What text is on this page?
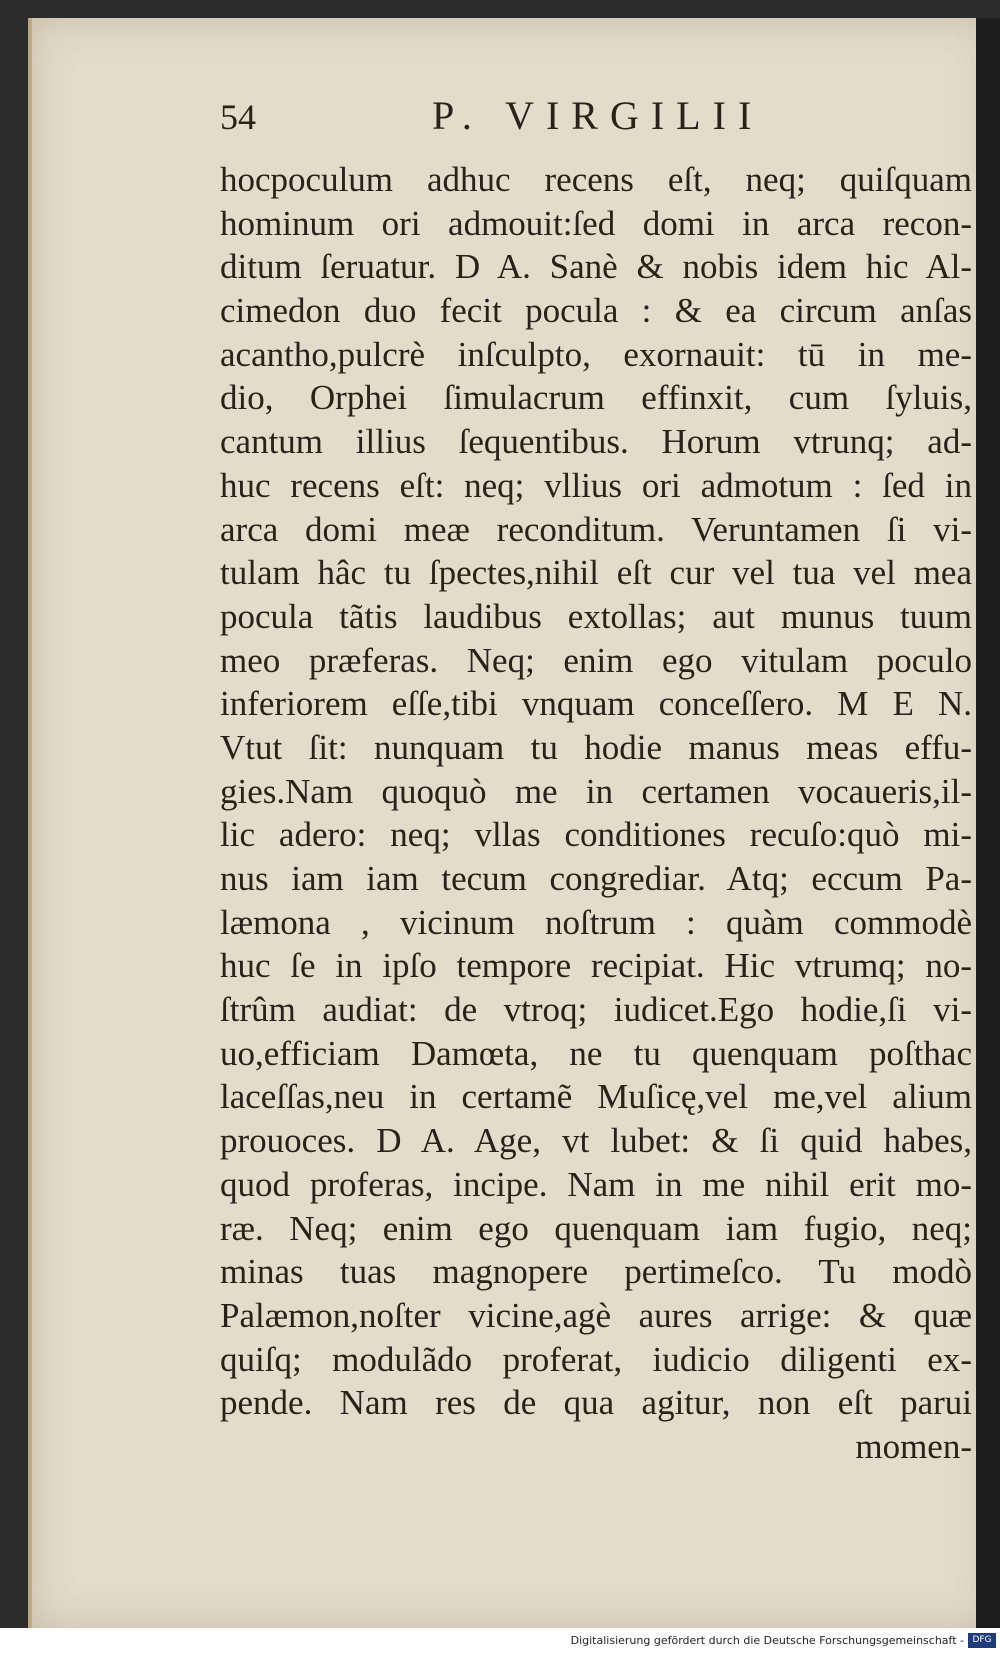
54	P. VIRGILII
hocpoculum adhuc recens eſt, neq; quiſquam
hominum ori admouit:ſed domi in arca recon-
ditum ſeruatur. D A. Sanè & nobis idem hic Al-
cimedon duo fecit pocula : & ea circum anſas
acantho,pulcrè inſculpto, exornauit: tū in me-
dio, Orphei ſimulacrum effinxit, cum ſyluis,
cantum illius ſequentibus. Horum vtrunq; ad-
huc recens eſt: neq; vllius ori admotum : ſed in
arca domi meæ reconditum. Veruntamen ſi vi-
tulam hâc tu ſpectes,nihil eſt cur vel tua vel mea
pocula tãtis laudibus extollas; aut munus tuum
meo præferas. Neq; enim ego vitulam poculo
inferiorem eſſe,tibi vnquam conceſſero. M E N.
Vtut ſit: nunquam tu hodie manus meas effu-
gies.Nam quoquò me in certamen vocaueris,il-
lic adero: neq; vllas conditiones recuſo:quò mi-
nus iam iam tecum congrediar. Atq; eccum Pa-
læmona , vicinum noſtrum : quàm commodè
huc ſe in ipſo tempore recipiat. Hic vtrumq; no-
ſtrûm audiat: de vtroq; iudicet.Ego hodie,ſi vi-
uo,efficiam Damœta, ne tu quenquam poſthac
laceſſas,neu in certamẽ Muſicę,vel me,vel alium
prouoces. D A. Age, vt lubet: & ſi quid habes,
quod proferas, incipe. Nam in me nihil erit mo-
ræ. Neq; enim ego quenquam iam fugio, neq;
minas tuas magnopere pertimeſco. Tu modò
Palæmon,noſter vicine,agè aures arrige: & quæ
quiſq; modulãdo proferat, iudicio diligenti ex-
pende. Nam res de qua agitur, non eſt parui
momen-
Digitalisierung gefördert durch die Deutsche Forschungsgemeinschaft - DFG
